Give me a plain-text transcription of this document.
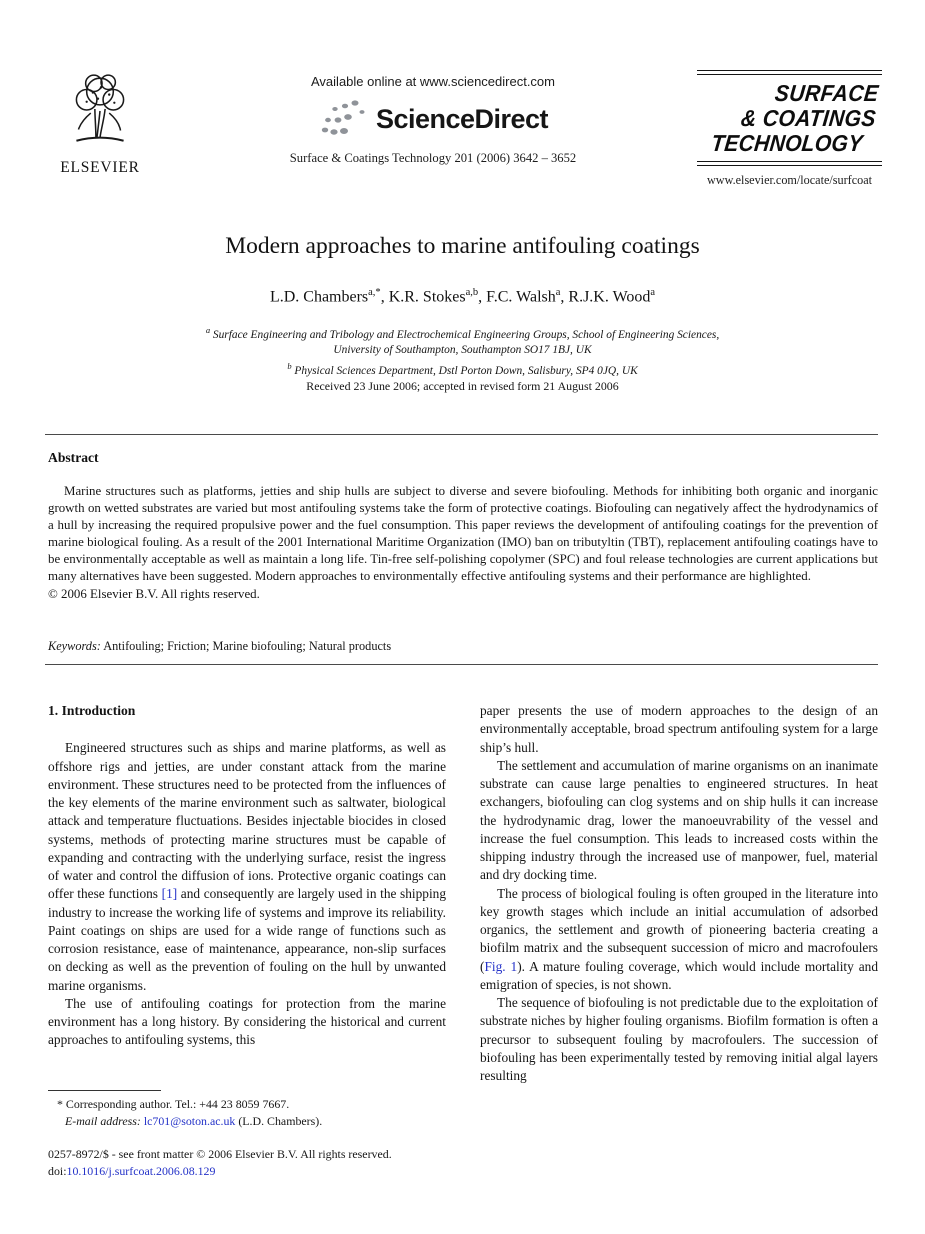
ELSEVIER
Available online at www.sciencedirect.com
ScienceDirect
Surface & Coatings Technology 201 (2006) 3642 – 3652
SURFACE
& COATINGS
TECHNOLOGY
www.elsevier.com/locate/surfcoat
Modern approaches to marine antifouling coatings
L.D. Chambers$^{a,*}$, K.R. Stokes$^{a,b}$, F.C. Walsh$^a$, R.J.K. Wood$^a$
$^a$ Surface Engineering and Tribology and Electrochemical Engineering Groups, School of Engineering Sciences,
University of Southampton, Southampton SO17 1BJ, UK
$^b$ Physical Sciences Department, Dstl Porton Down, Salisbury, SP4 0JQ, UK
Received 23 June 2006; accepted in revised form 21 August 2006
Abstract

Marine structures such as platforms, jetties and ship hulls are subject to diverse and severe biofouling. Methods for inhibiting both organic and inorganic growth on wetted substrates are varied but most antifouling systems take the form of protective coatings. Biofouling can negatively affect the hydrodynamics of a hull by increasing the required propulsive power and the fuel consumption. This paper reviews the development of antifouling coatings for the prevention of marine biological fouling. As a result of the 2001 International Maritime Organization (IMO) ban on tributyltin (TBT), replacement antifouling coatings have to be environmentally acceptable as well as maintain a long life. Tin-free self-polishing copolymer (SPC) and foul release technologies are current applications but many alternatives have been suggested. Modern approaches to environmentally effective antifouling systems and their performance are highlighted.

© 2006 Elsevier B.V. All rights reserved.

Keywords: Antifouling; Friction; Marine biofouling; Natural products
1. Introduction

Engineered structures such as ships and marine platforms, as well as offshore rigs and jetties, are under constant attack from the marine environment. These structures need to be protected from the influences of the key elements of the marine environment such as saltwater, biological attack and temperature fluctuations. Besides injectable biocides in closed systems, methods of protecting marine structures must be capable of expanding and contracting with the underlying surface, resist the ingress of water and control the diffusion of ions. Protective organic coatings can offer these functions [1] and consequently are largely used in the shipping industry to increase the working life of systems and improve its reliability. Paint coatings on ships are used for a wide range of functions such as corrosion resistance, ease of maintenance, appearance, non-slip surfaces on decking as well as the prevention of fouling on the hull by unwanted marine organisms.

The use of antifouling coatings for protection from the marine environment has a long history. By considering the historical and current approaches to antifouling systems, this

paper presents the use of modern approaches to the design of an environmentally acceptable, broad spectrum antifouling system for a large ship’s hull.

The settlement and accumulation of marine organisms on an inanimate substrate can cause large penalties to engineered structures. In heat exchangers, biofouling can clog systems and on ship hulls it can increase the hydrodynamic drag, lower the manoeuvrability of the vessel and increase the fuel consumption. This leads to increased costs within the shipping industry through the increased use of manpower, fuel, material and dry docking time.

The process of biological fouling is often grouped in the literature into key growth stages which include an initial accumulation of adsorbed organics, the settlement and growth of pioneering bacteria creating a biofilm matrix and the subsequent succession of micro and macrofoulers (Fig. 1). A mature fouling coverage, which would include mortality and emigration of species, is not shown.

The sequence of biofouling is not predictable due to the exploitation of substrate niches by higher fouling organisms. Biofilm formation is often a precursor to subsequent fouling by macrofoulers. The succession of biofouling has been experimentally tested by removing initial algal layers resulting

* Corresponding author. Tel.: +44 23 8059 7667.
E-mail address: lc701@soton.ac.uk (L.D. Chambers).
0257-8972/$ - see front matter © 2006 Elsevier B.V. All rights reserved.
doi:10.1016/j.surfcoat.2006.08.129
